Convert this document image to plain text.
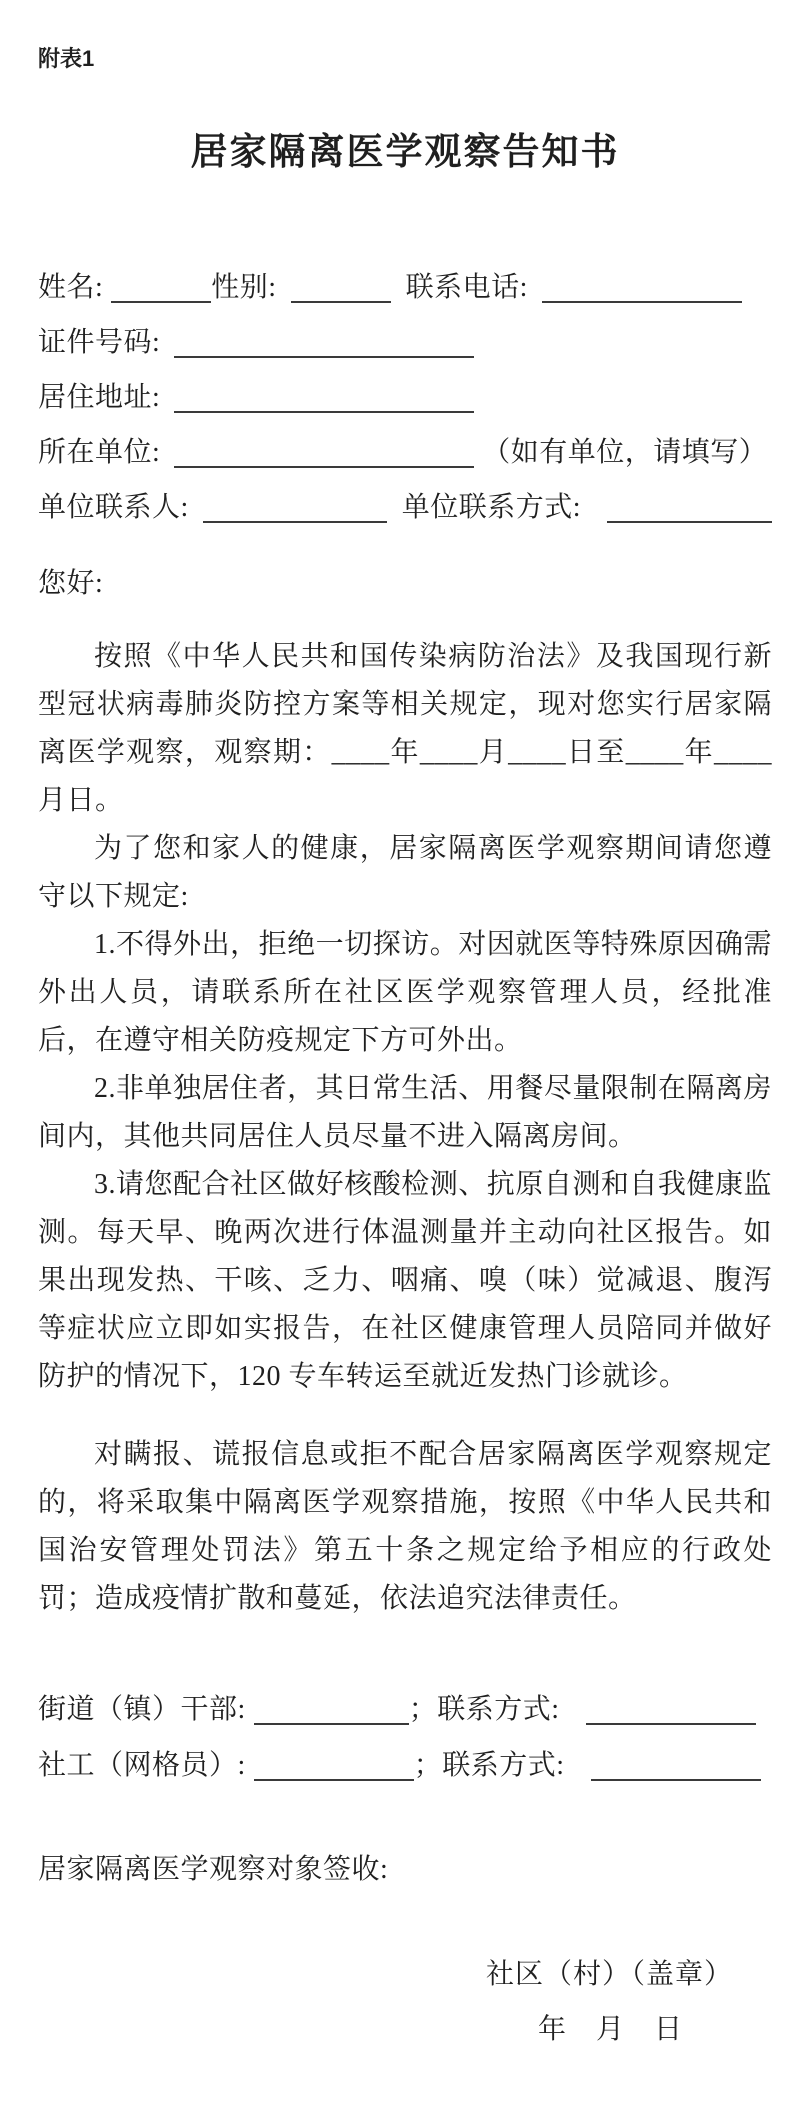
附表1
居家隔离医学观察告知书
姓名:	性别:	联系电话:
证件号码:
居住地址:
所在单位:	（如有单位，请填写）
单位联系人:	单位联系方式:
您好:

按照《中华人民共和国传染病防治法》及我国现行新型冠状病毒肺炎防控方案等相关规定，现对您实行居家隔离医学观察，观察期：____年____月____日至____年____月日。

为了您和家人的健康，居家隔离医学观察期间请您遵守以下规定:

1.不得外出，拒绝一切探访。对因就医等特殊原因确需外出人员，请联系所在社区医学观察管理人员，经批准后，在遵守相关防疫规定下方可外出。

2.非单独居住者，其日常生活、用餐尽量限制在隔离房间内，其他共同居住人员尽量不进入隔离房间。

3.请您配合社区做好核酸检测、抗原自测和自我健康监测。每天早、晚两次进行体温测量并主动向社区报告。如果出现发热、干咳、乏力、咽痛、嗅（味）觉减退、腹泻等症状应立即如实报告，在社区健康管理人员陪同并做好防护的情况下，120 专车转运至就近发热门诊就诊。

对瞒报、谎报信息或拒不配合居家隔离医学观察规定的，将采取集中隔离医学观察措施，按照《中华人民共和国治安管理处罚法》第五十条之规定给予相应的行政处罚；造成疫情扩散和蔓延，依法追究法律责任。

街道（镇）干部:	；联系方式:
社工（网格员）:	；联系方式:
居家隔离医学观察对象签收:
社区（村）（盖章）
年　月　日
